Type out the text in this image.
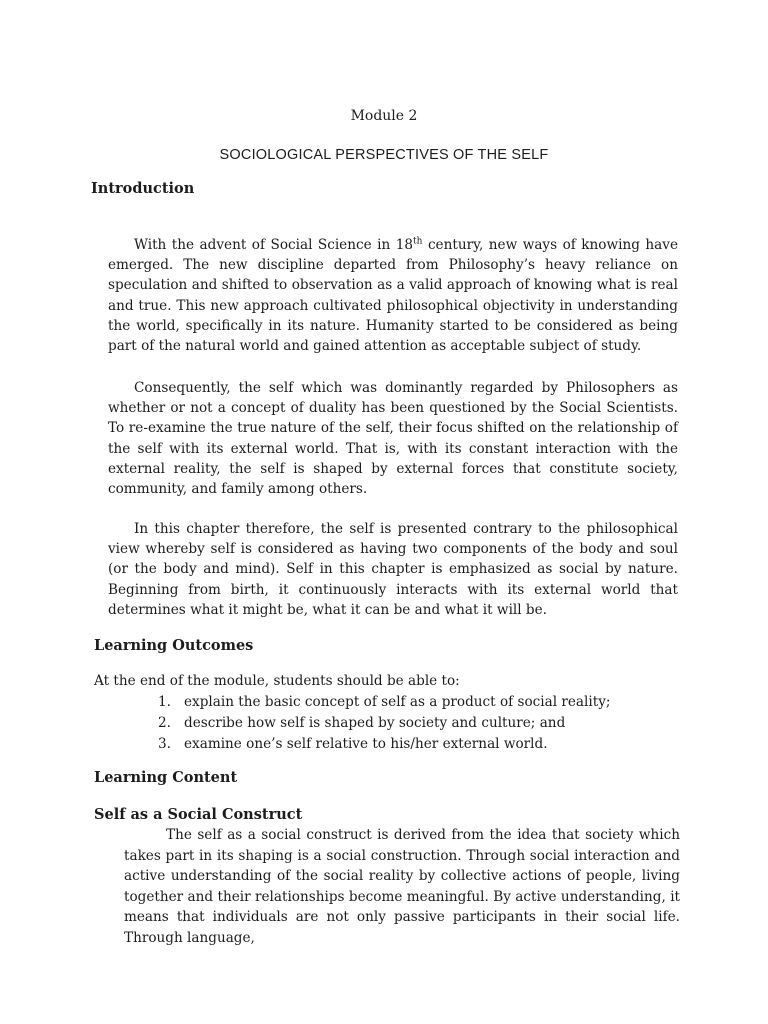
Module 2
SOCIOLOGICAL PERSPECTIVES OF THE SELF
Introduction

With the advent of Social Science in 18th century, new ways of knowing have emerged. The new discipline departed from Philosophy’s heavy reliance on speculation and shifted to observation as a valid approach of knowing what is real and true. This new approach cultivated philosophical objectivity in understanding the world, specifically in its nature. Humanity started to be considered as being part of the natural world and gained attention as acceptable subject of study.

Consequently, the self which was dominantly regarded by Philosophers as whether or not a concept of duality has been questioned by the Social Scientists. To re-examine the true nature of the self, their focus shifted on the relationship of the self with its external world. That is, with its constant interaction with the external reality, the self is shaped by external forces that constitute society, community, and family among others.

In this chapter therefore, the self is presented contrary to the philosophical view whereby self is considered as having two components of the body and soul (or the body and mind). Self in this chapter is emphasized as social by nature. Beginning from birth, it continuously interacts with its external world that determines what it might be, what it can be and what it will be.

Learning Outcomes
At the end of the module, students should be able to:
1. explain the basic concept of self as a product of social reality;
2. describe how self is shaped by society and culture; and
3. examine one’s self relative to his/her external world.
Learning Content
Self as a Social Construct

The self as a social construct is derived from the idea that society which takes part in its shaping is a social construction. Through social interaction and active understanding of the social reality by collective actions of people, living together and their relationships become meaningful. By active understanding, it means that individuals are not only passive participants in their social life. Through language,
